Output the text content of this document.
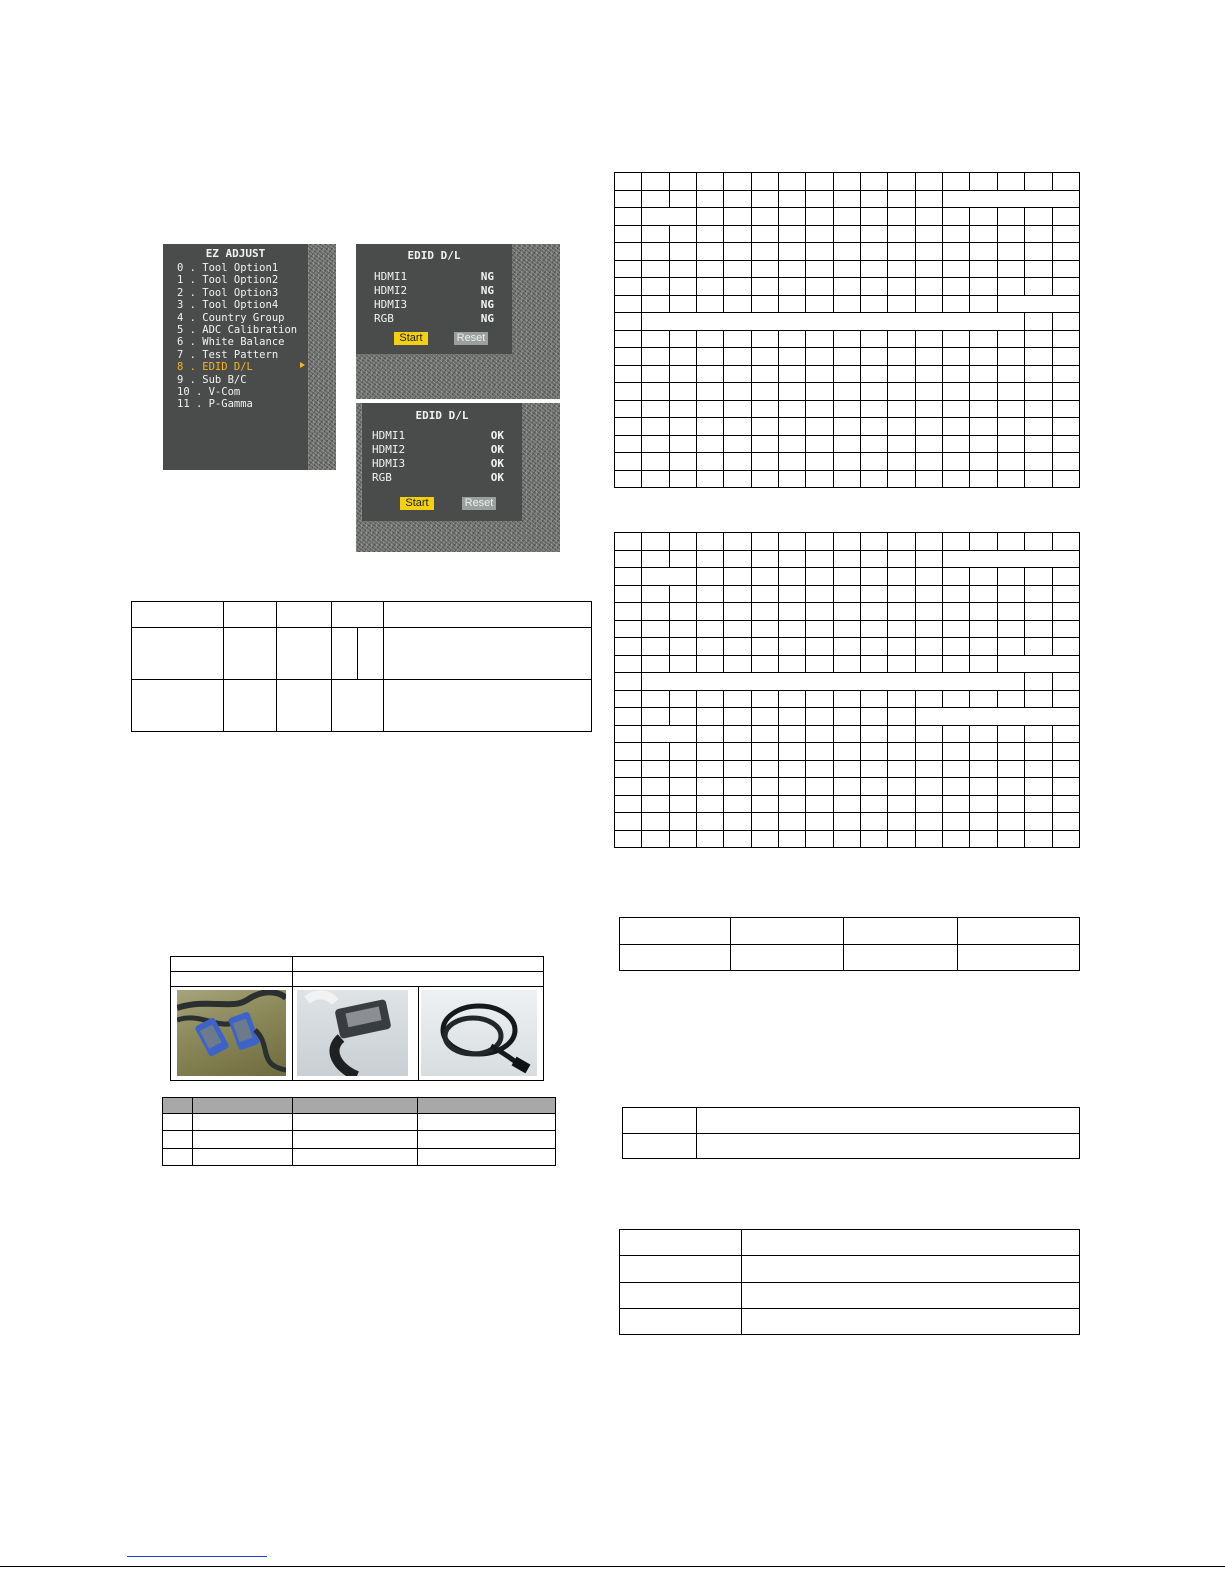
EZ ADJUST
0 . Tool Option1
1 . Tool Option2
2 . Tool Option3
3 . Tool Option4
4 . Country Group
5 . ADC Calibration
6 . White Balance
7 . Test Pattern
8 . EDID D/L
9 . Sub B/C
10 . V-Com
11 . P-Gamma
EDID D/L
HDMI1	NG
HDMI2	NG
HDMI3	NG
RGB	NG
Start	Reset
EDID D/L
HDMI1	OK
HDMI2	OK
HDMI3	OK
RGB	OK
Start	Reset
